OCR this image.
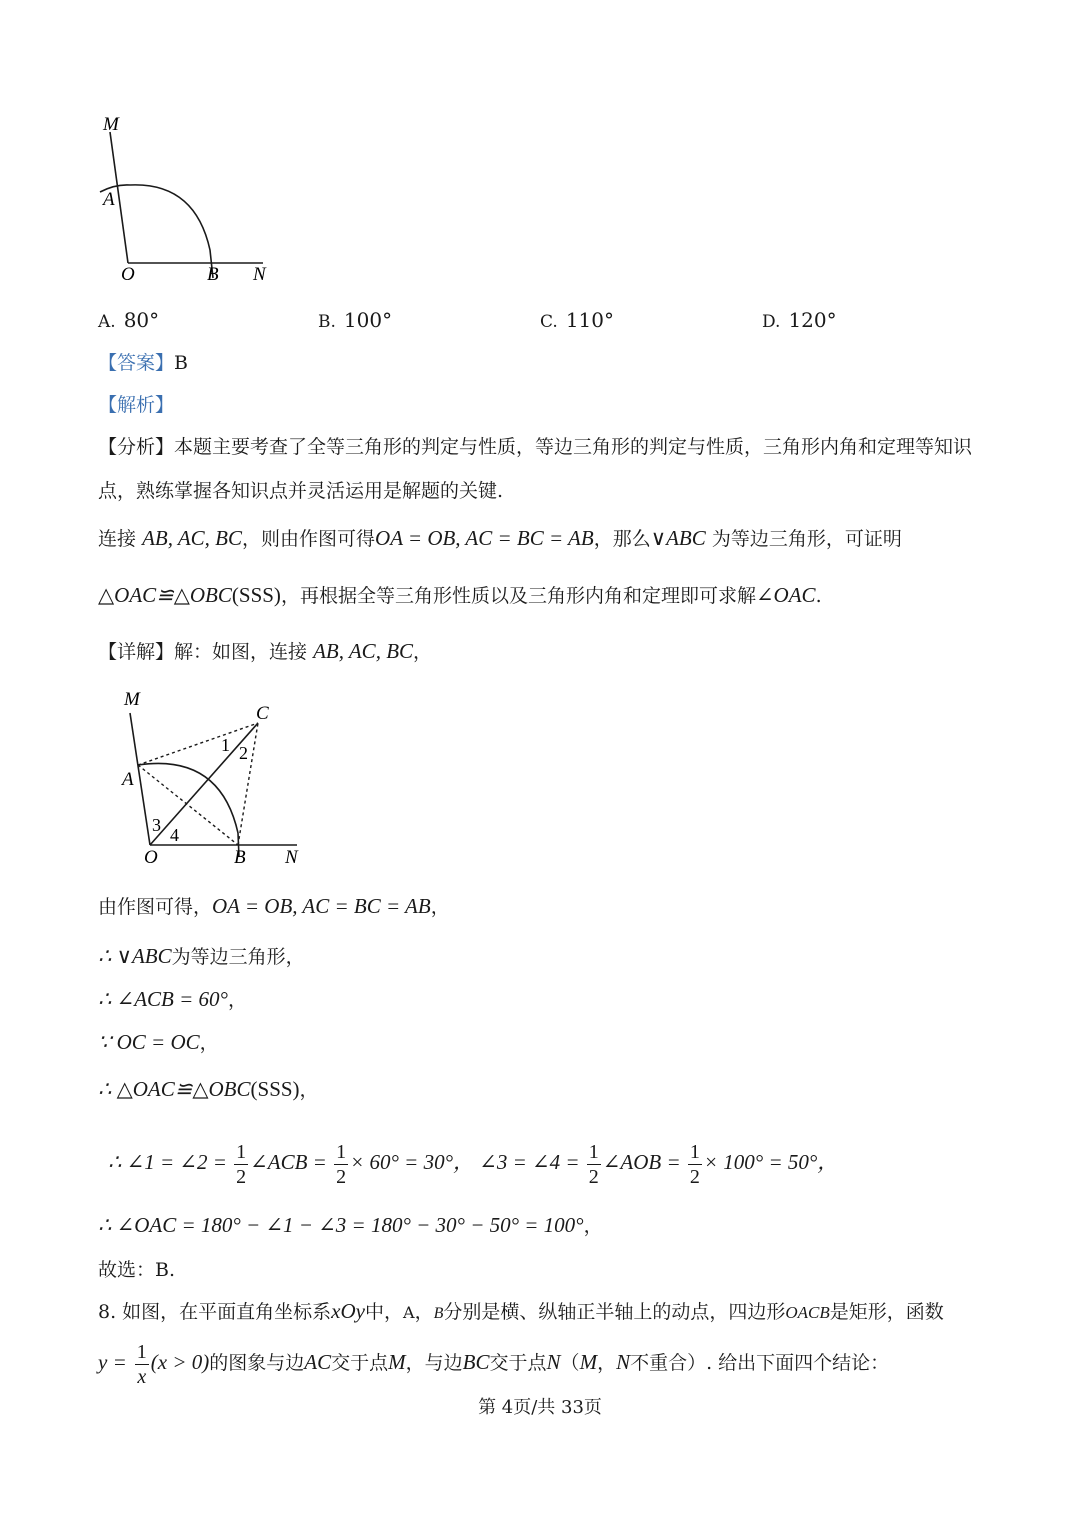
M
A
O	B N
A. 80°	B. 100°	C. 110°	D. 120°
【答案】B
【解析】
【分析】本题主要考查了全等三角形的判定与性质，等边三角形的判定与性质，三角形内角和定理等知识
点，熟练掌握各知识点并灵活运用是解题的关键.
连接 AB, AC, BC，则由作图可得OA = OB, AC = BC = AB，那么∨ABC 为等边三角形，可证明
△OAC≌△OBC(SSS)，再根据全等三角形性质以及三角形内角和定理即可求解∠OAC.
【详解】解：如图，连接 AB, AC, BC，
M
C
1 2
A
3 4
O	B N
由作图可得，OA = OB, AC = BC = AB，
∴ ∨ABC为等边三角形，
∴ ∠ACB = 60°，
∵ OC = OC，
∴ △OAC≌△OBC(SSS)，
∴ ∠1 = ∠2 = $\frac{1}{2}$ ∠ACB = $\frac{1}{2} \times 60^\circ = 30^\circ$， ∠3 = ∠4 = $\frac{1}{2}$ ∠AOB = $\frac{1}{2} \times 100^\circ = 50^\circ$，
∴ ∠OAC = 180° − ∠1 − ∠3 = 180° − 30° − 50° = 100°，
故选：B.
8. 如图，在平面直角坐标系xOy中，A，B分别是横、纵轴正半轴上的动点，四边形OACB是矩形，函数
$y = \frac{1}{x} (x > 0)$的图象与边AC交于点M，与边BC交于点N（M，N不重合）. 给出下面四个结论：
第 4页/共 33页
